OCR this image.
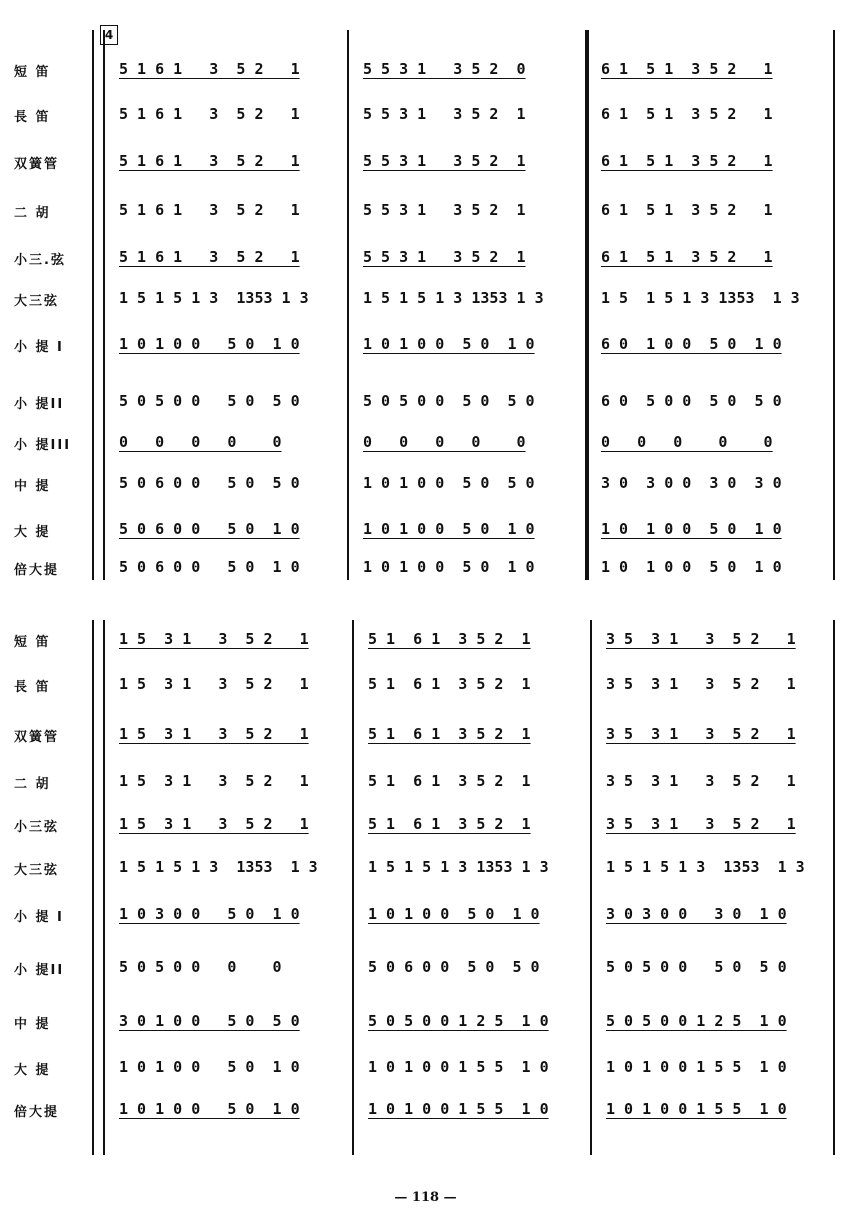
4
短 笛	5 1 6 1   3  5 2   1	5 5 3 1   3 5 2  0	6 1  5 1  3 5 2   1
長 笛	5 1 6 1   3  5 2   1	5 5 3 1   3 5 2  1	6 1  5 1  3 5 2   1
双簧管	5 1 6 1   3  5 2   1	5 5 3 1   3 5 2  1	6 1  5 1  3 5 2   1
二 胡	5 1 6 1   3  5 2   1	5 5 3 1   3 5 2  1	6 1  5 1  3 5 2   1
小三.弦	5 1 6 1   3  5 2   1	5 5 3 1   3 5 2  1	6 1  5 1  3 5 2   1
大三弦	1 5 1 5 1 3  1353 1 3	1 5 1 5 1 3 1353 1 3	1 5  1 5 1 3 1353  1 3
小 提 I	1 0 1 0 0   5 0  1 0	1 0 1 0 0  5 0  1 0	6 0  1 0 0  5 0  1 0
小 提II	5 0 5 0 0   5 0  5 0	5 0 5 0 0  5 0  5 0	6 0  5 0 0  5 0  5 0
小 提III	0   0   0   0    0	0   0   0   0    0	0   0   0    0    0
中 提	5 0 6 0 0   5 0  5 0	1 0 1 0 0  5 0  5 0	3 0  3 0 0  3 0  3 0
大 提	5 0 6 0 0   5 0  1 0	1 0 1 0 0  5 0  1 0	1 0  1 0 0  5 0  1 0
倍大提	5 0 6 0 0   5 0  1 0	1 0 1 0 0  5 0  1 0	1 0  1 0 0  5 0  1 0
短 笛	1 5  3 1   3  5 2   1	5 1  6 1  3 5 2  1	3 5  3 1   3  5 2   1
長 笛	1 5  3 1   3  5 2   1	5 1  6 1  3 5 2  1	3 5  3 1   3  5 2   1
双簧管	1 5  3 1   3  5 2   1	5 1  6 1  3 5 2  1	3 5  3 1   3  5 2   1
二 胡	1 5  3 1   3  5 2   1	5 1  6 1  3 5 2  1	3 5  3 1   3  5 2   1
小三弦	1 5  3 1   3  5 2   1	5 1  6 1  3 5 2  1	3 5  3 1   3  5 2   1
大三弦	1 5 1 5 1 3  1353  1 3	1 5 1 5 1 3 1353 1 3	1 5 1 5 1 3  1353  1 3
小 提 I	1 0 3 0 0   5 0  1 0	1 0 1 0 0  5 0  1 0	3 0 3 0 0   3 0  1 0
小 提II	5 0 5 0 0   0    0	5 0 6 0 0  5 0  5 0	5 0 5 0 0   5 0  5 0
中 提	3 0 1 0 0   5 0  5 0	5 0 5 0 0 1 2 5  1 0	5 0 5 0 0 1 2 5  1 0
大 提	1 0 1 0 0   5 0  1 0	1 0 1 0 0 1 5 5  1 0	1 0 1 0 0 1 5 5  1 0
倍大提	1 0 1 0 0   5 0  1 0	1 0 1 0 0 1 5 5  1 0	1 0 1 0 0 1 5 5  1 0
— 118 —
